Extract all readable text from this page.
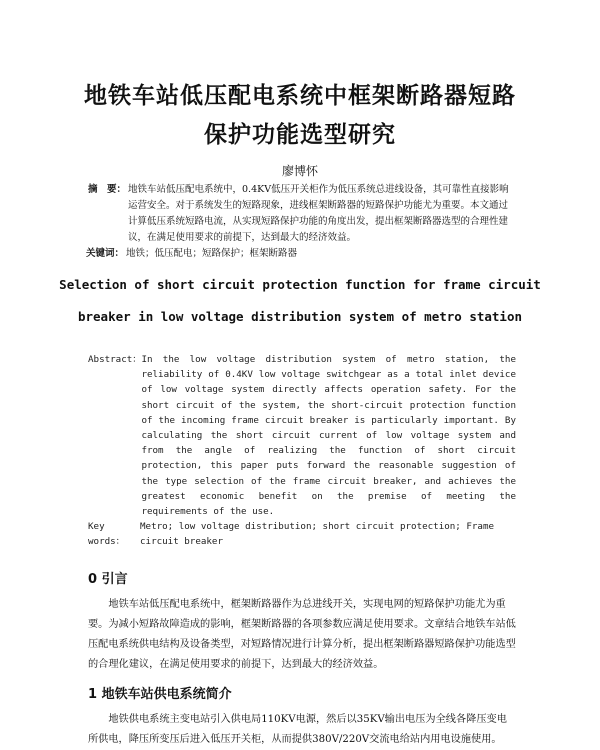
地铁车站低压配电系统中框架断路器短路
保护功能选型研究
廖博怀
摘　要： 地铁车站低压配电系统中，0.4KV低压开关柜作为低压系统总进线设备，其可靠性直接影响运营安全。对于系统发生的短路现象，进线框架断路器的短路保护功能尤为重要。本文通过计算低压系统短路电流，从实现短路保护功能的角度出发，提出框架断路器选型的合理性建议，在满足使用要求的前提下，达到最大的经济效益。
关键词： 地铁；低压配电；短路保护；框架断路器
Selection of short circuit protection function for frame circuit
breaker in low voltage distribution system of metro station
Abstract： In the low voltage distribution system of metro station, the reliability of 0.4KV low voltage switchgear as a total inlet device of low voltage system directly affects operation safety. For the short circuit of the system, the short-circuit protection function of the incoming frame circuit breaker is particularly important. By calculating the short circuit current of low voltage system and from the angle of realizing the function of short circuit protection, this paper puts forward the reasonable suggestion of the type selection of the frame circuit breaker, and achieves the greatest economic benefit on the premise of meeting the requirements of the use.
Key words：
Metro; low voltage distribution; short circuit protection; Frame circuit breaker
0 引言
地铁车站低压配电系统中，框架断路器作为总进线开关，实现电网的短路保护功能尤为重要。为减小短路故障造成的影响，框架断路器的各项参数应满足使用要求。文章结合地铁车站低压配电系统供电结构及设备类型，对短路情况进行计算分析，提出框架断路器短路保护功能选型的合理化建议，在满足使用要求的前提下，达到最大的经济效益。
1 地铁车站供电系统简介
地铁供电系统主变电站引入供电局110KV电源，然后以35KV输出电压为全线各降压变电所供电，降压所变压后进入低压开关柜，从而提供380V/220V交流电给站内用电设施使用。
